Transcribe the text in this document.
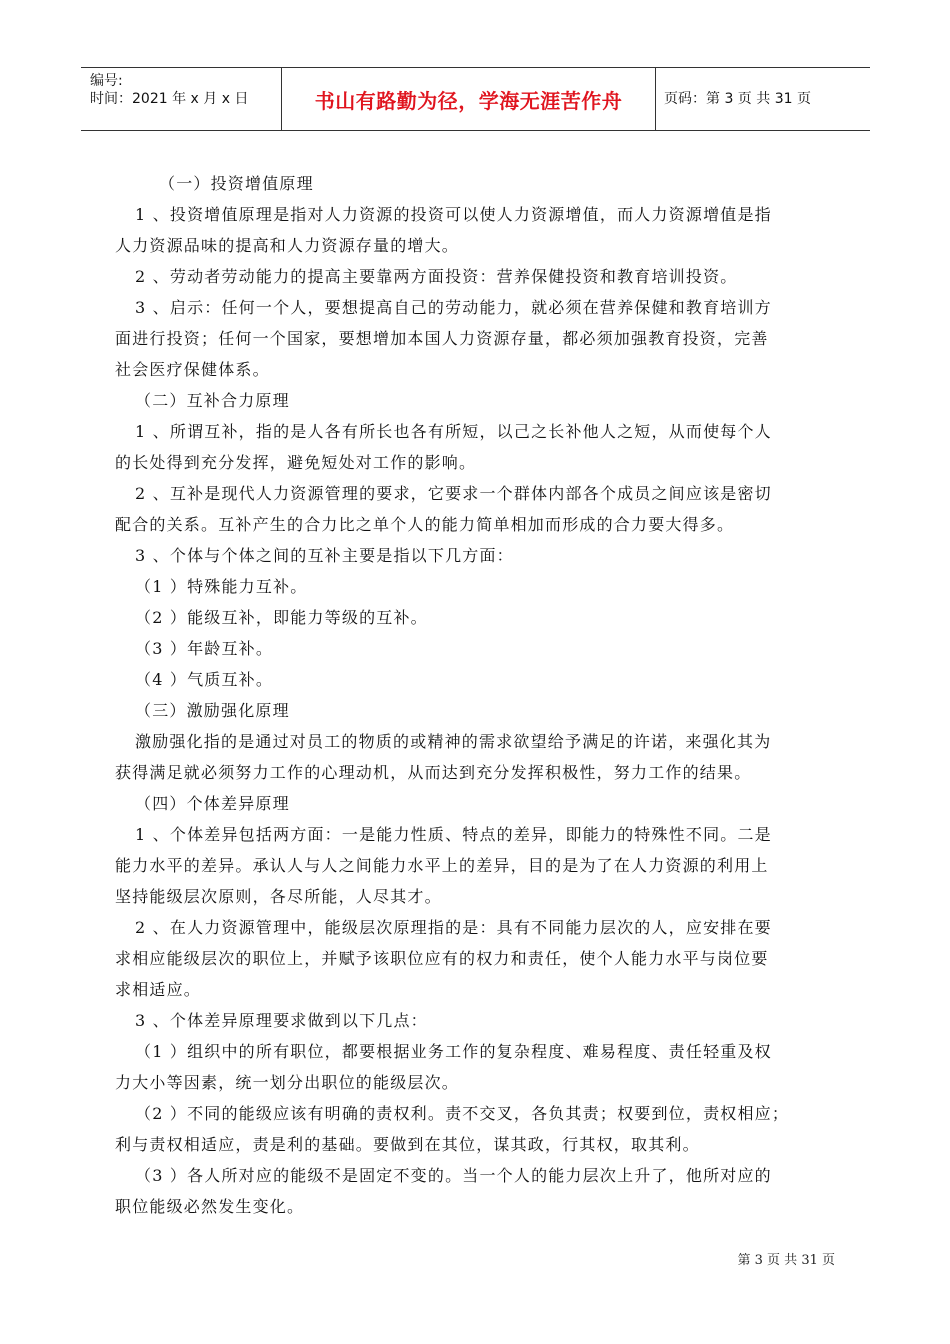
编号:
时间：2021 年 x 月 x 日	书山有路勤为径，学海无涯苦作舟	页码：第 3 页 共 31 页

（一）投资增值原理

1 、投资增值原理是指对人力资源的投资可以使人力资源增值，而人力资源增值是指

人力资源品味的提高和人力资源存量的增大。

2 、劳动者劳动能力的提高主要靠两方面投资：营养保健投资和教育培训投资。

3 、启示：任何一个人，要想提高自己的劳动能力，就必须在营养保健和教育培训方

面进行投资；任何一个国家，要想增加本国人力资源存量，都必须加强教育投资，完善

社会医疗保健体系。

（二）互补合力原理

1 、所谓互补，指的是人各有所长也各有所短，以己之长补他人之短，从而使每个人

的长处得到充分发挥，避免短处对工作的影响。

2 、互补是现代人力资源管理的要求，它要求一个群体内部各个成员之间应该是密切

配合的关系。互补产生的合力比之单个人的能力简单相加而形成的合力要大得多。

3 、个体与个体之间的互补主要是指以下几方面：

（1 ）特殊能力互补。

（2 ）能级互补，即能力等级的互补。

（3 ）年龄互补。

（4 ）气质互补。

（三）激励强化原理

激励强化指的是通过对员工的物质的或精神的需求欲望给予满足的许诺，来强化其为

获得满足就必须努力工作的心理动机，从而达到充分发挥积极性，努力工作的结果。

（四）个体差异原理

1 、个体差异包括两方面：一是能力性质、特点的差异，即能力的特殊性不同。二是

能力水平的差异。承认人与人之间能力水平上的差异，目的是为了在人力资源的利用上

坚持能级层次原则，各尽所能，人尽其才。

2 、在人力资源管理中，能级层次原理指的是：具有不同能力层次的人，应安排在要

求相应能级层次的职位上，并赋予该职位应有的权力和责任，使个人能力水平与岗位要

求相适应。

3 、个体差异原理要求做到以下几点：

（1 ）组织中的所有职位，都要根据业务工作的复杂程度、难易程度、责任轻重及权

力大小等因素，统一划分出职位的能级层次。

（2 ）不同的能级应该有明确的责权利。责不交叉，各负其责；权要到位，责权相应；

利与责权相适应，责是利的基础。要做到在其位，谋其政，行其权，取其利。

（3 ）各人所对应的能级不是固定不变的。当一个人的能力层次上升了，他所对应的

职位能级必然发生变化。

第 3 页 共 31 页
